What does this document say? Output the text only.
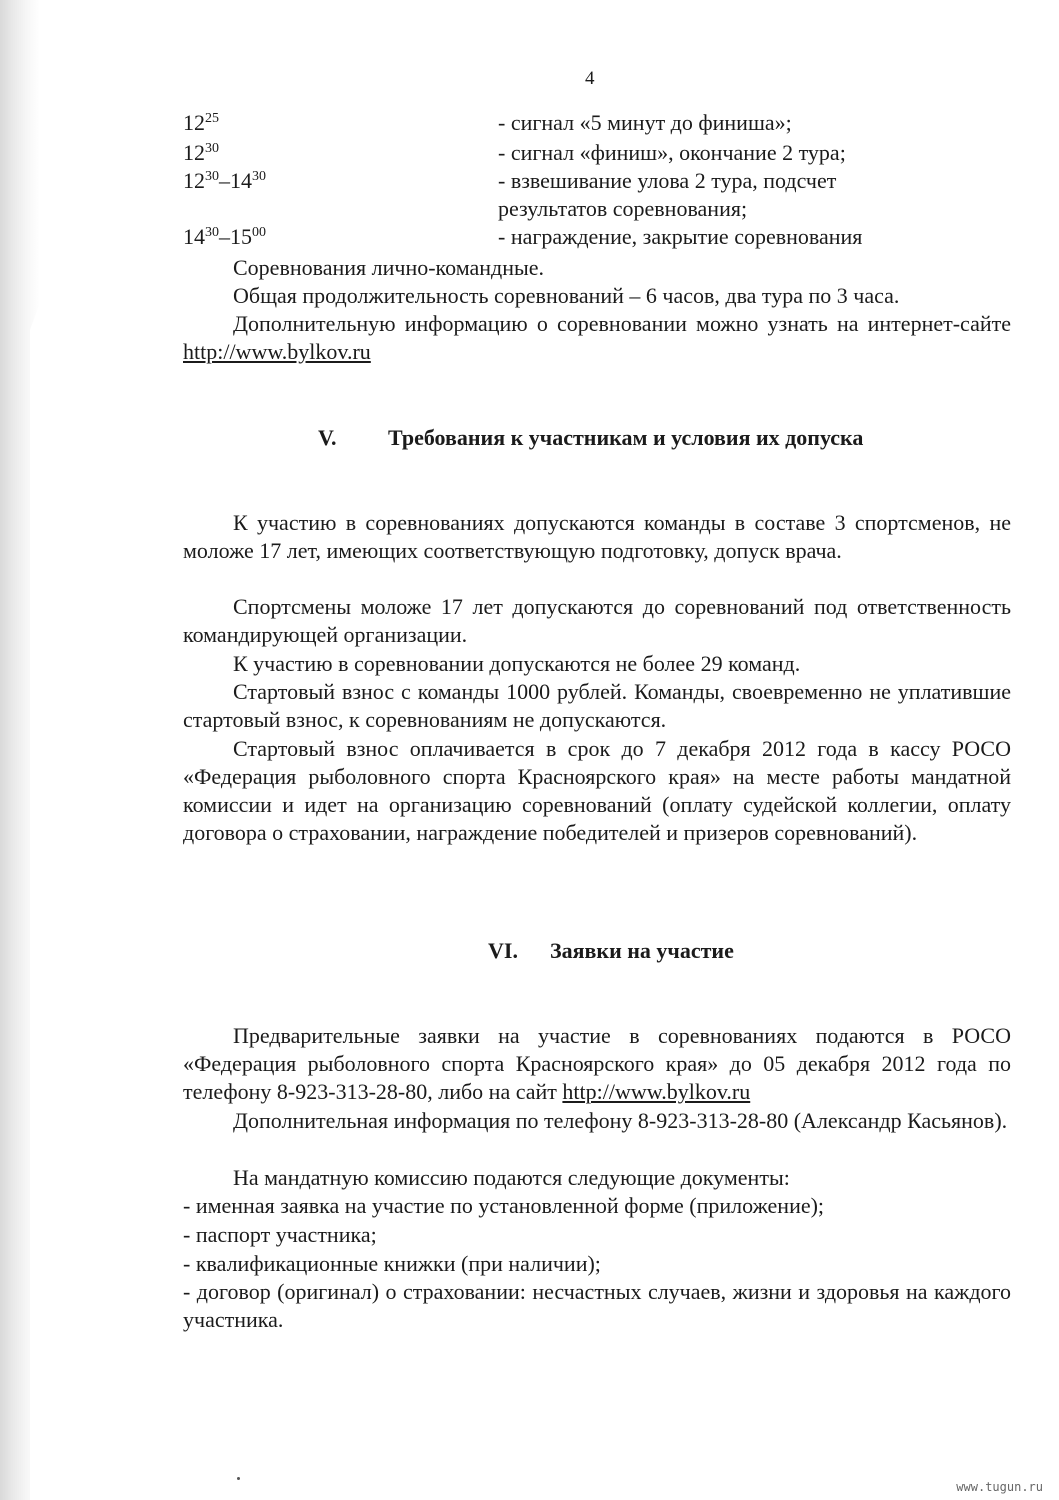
4
$12^{25}$	- сигнал «5 минут до финиша»;
$12^{30}$	- сигнал «финиш», окончание 2 тура;
$12^{30}-14^{30}$	- взвешивание улова 2 тура, подсчет
результатов соревнования;
$14^{30}-15^{00}$	- награждение, закрытие соревнования
Соревнования лично-командные.
Общая продолжительность соревнований – 6 часов, два тура по 3 часа.
Дополнительную информацию о соревновании можно узнать на интернет-сайте http://www.bylkov.ru
V. Требования к участникам и условия их допуска
К участию в соревнованиях допускаются команды в составе 3 спортсменов, не моложе 17 лет, имеющих соответствующую подготовку, допуск врача.
Спортсмены моложе 17 лет допускаются до соревнований под ответственность командирующей организации.
К участию в соревновании допускаются не более 29 команд.
Стартовый взнос с команды 1000 рублей. Команды, своевременно не уплатившие стартовый взнос, к соревнованиям не допускаются.
Стартовый взнос оплачивается в срок до 7 декабря 2012 года в кассу РОСО «Федерация рыболовного спорта Красноярского края» на месте работы мандатной комиссии и идет на организацию соревнований (оплату судейской коллегии, оплату договора о страховании, награждение победителей и призеров соревнований).
VI. Заявки на участие
Предварительные заявки на участие в соревнованиях подаются в РОСО «Федерация рыболовного спорта Красноярского края» до 05 декабря 2012 года по телефону 8-923-313-28-80, либо на сайт http://www.bylkov.ru
Дополнительная информация по телефону 8-923-313-28-80 (Александр Касьянов).
На мандатную комиссию подаются следующие документы:
- именная заявка на участие по установленной форме (приложение);
- паспорт участника;
- квалификационные книжки (при наличии);
- договор (оригинал) о страховании: несчастных случаев, жизни и здоровья на каждого участника.
www.tugun.ru
